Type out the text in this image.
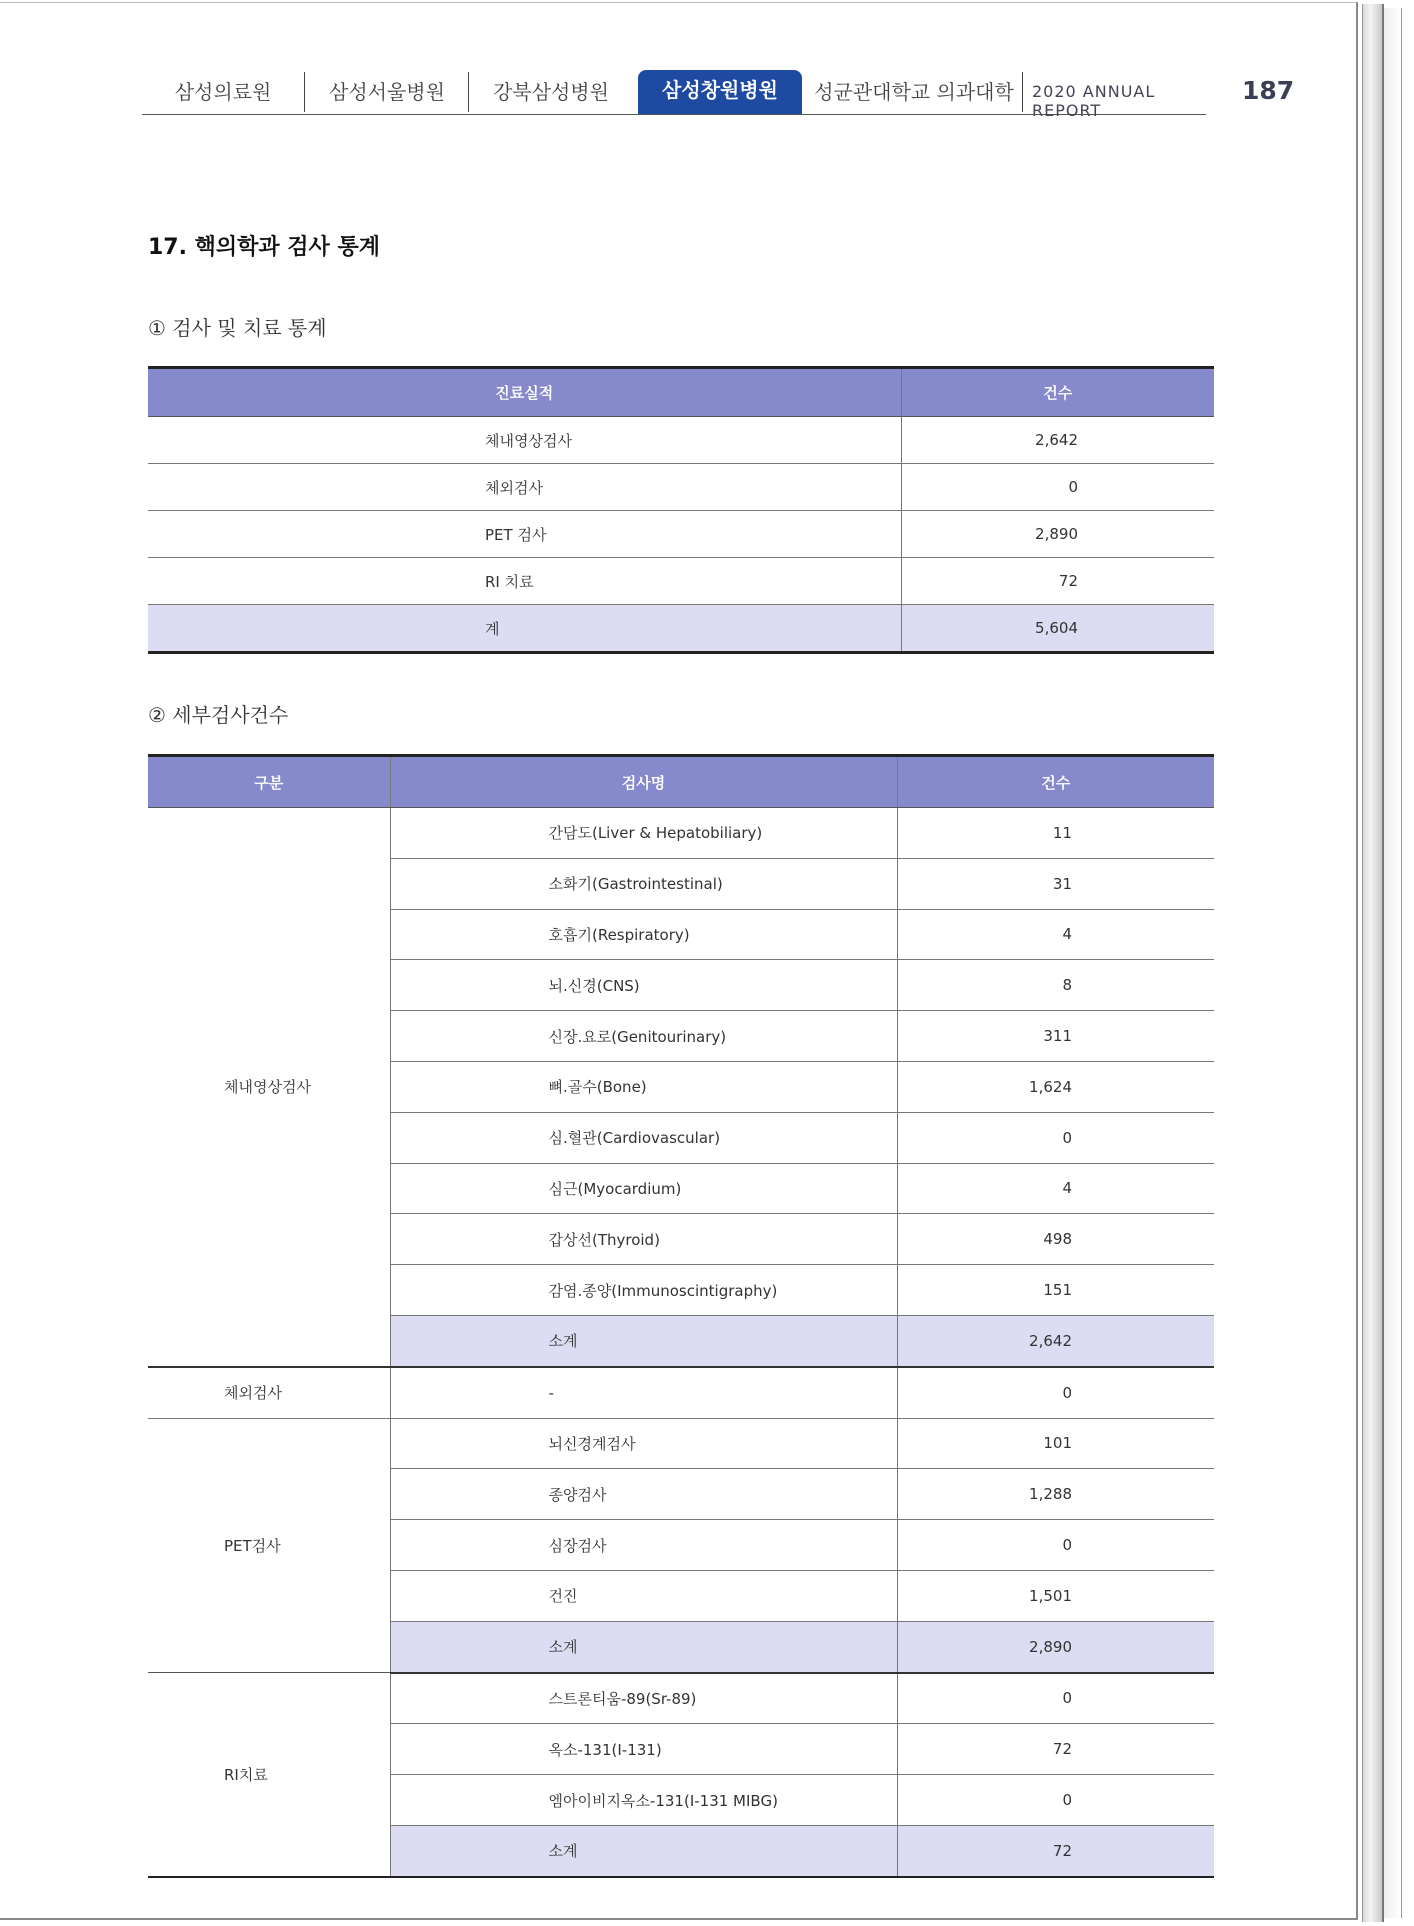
삼성의료원	삼성서울병원	강북삼성병원	삼성창원병원	성균관대학교 의과대학	2020 ANNUAL REPORT
187
17. 핵의학과 검사 통계
① 검사 및 치료 통계
진료실적	건수
체내영상검사	2,642
체외검사	0
PET 검사	2,890
RI 치료	72
계	5,604
② 세부검사건수
구분	검사명	건수
체내영상검사	간담도(Liver & Hepatobiliary)	11
	소화기(Gastrointestinal)	31
	호흡기(Respiratory)	4
	뇌.신경(CNS)	8
	신장.요로(Genitourinary)	311
	뼈.골수(Bone)	1,624
	심.혈관(Cardiovascular)	0
	심근(Myocardium)	4
	갑상선(Thyroid)	498
	감염.종양(Immunoscintigraphy)	151
	소계	2,642
체외검사	-	0
PET검사	뇌신경계검사	101
	종양검사	1,288
	심장검사	0
	건진	1,501
	소계	2,890
RI치료	스트론티움-89(Sr-89)	0
	옥소-131(I-131)	72
	엠아이비지옥소-131(I-131 MIBG)	0
	소계	72
